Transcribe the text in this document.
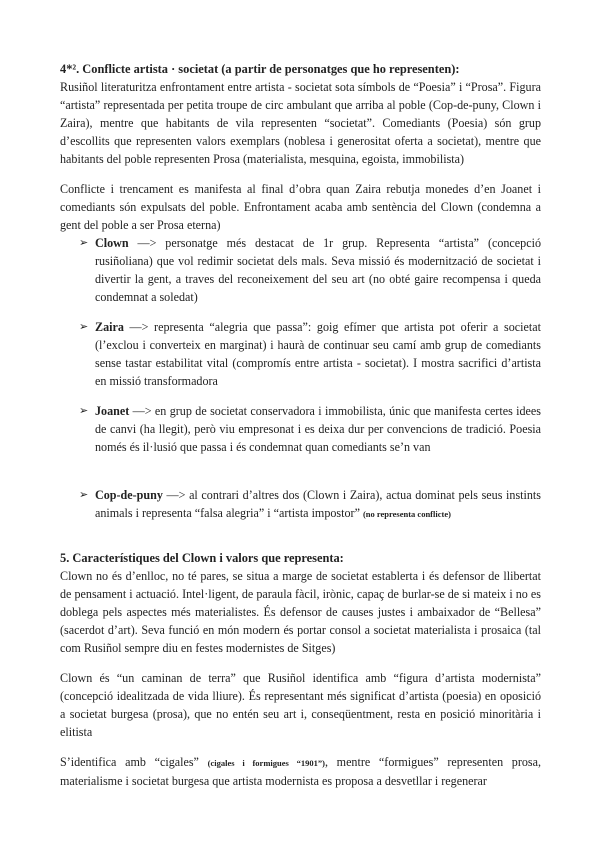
4*². Conflicte artista · societat (a partir de personatges que ho representen):

Rusiñol literaturitza enfrontament entre artista - societat sota símbols de “Poesia” i “Prosa”. Figura “artista” representada per petita troupe de circ ambulant que arriba al poble (Cop-de-puny, Clown i Zaira), mentre que habitants de vila representen “societat”. Comediants (Poesia) són grup d’escollits que representen valors exemplars (noblesa i generositat oferta a societat), mentre que habitants del poble representen Prosa (materialista, mesquina, egoista, immobilista)

Conflicte i trencament es manifesta al final d’obra quan Zaira rebutja monedes d’en Joanet i comediants són expulsats del poble. Enfrontament acaba amb sentència del Clown (condemna a gent del poble a ser Prosa eterna)

➢ Clown —> personatge més destacat de 1r grup. Representa “artista” (concepció rusiñoliana) que vol redimir societat dels mals. Seva missió és modernització de societat i divertir la gent, a traves del reconeixement del seu art (no obté gaire recompensa i queda condemnat a soledat)
➢ Zaira —> representa “alegria que passa”: goig efímer que artista pot oferir a societat (l’exclou i converteix en marginat) i haurà de continuar seu camí amb grup de comediants sense tastar estabilitat vital (compromís entre artista - societat). I mostra sacrifici d’artista en missió transformadora
➢ Joanet —> en grup de societat conservadora i immobilista, únic que manifesta certes idees de canvi (ha llegit), però viu empresonat i es deixa dur per convencions de tradició. Poesia només és il·lusió que passa i és condemnat quan comediants se’n van
➢ Cop-de-puny —> al contrari d’altres dos (Clown i Zaira), actua dominat pels seus instints animals i representa “falsa alegria” i “artista impostor” (no representa conflicte)

5. Característiques del Clown i valors que representa:

Clown no és d’enlloc, no té pares, se situa a marge de societat establerta i és defensor de llibertat de pensament i actuació. Intel·ligent, de paraula fàcil, irònic, capaç de burlar-se de si mateix i no es doblega pels aspectes més materialistes. És defensor de causes justes i ambaixador de “Bellesa” (sacerdot d’art). Seva funció en món modern és portar consol a societat materialista i prosaica (tal com Rusiñol sempre diu en festes modernistes de Sitges)

Clown és “un caminan de terra” que Rusiñol identifica amb “figura d’artista modernista” (concepció idealitzada de vida lliure). És representant més significat d’artista (poesia) en oposició a societat burgesa (prosa), que no entén seu art i, conseqüentment, resta en posició minoritària i elitista

S’identifica amb “cigales” (cigales i formigues “1901”), mentre “formigues” representen prosa, materialisme i societat burgesa que artista modernista es proposa a desvetllar i regenerar
